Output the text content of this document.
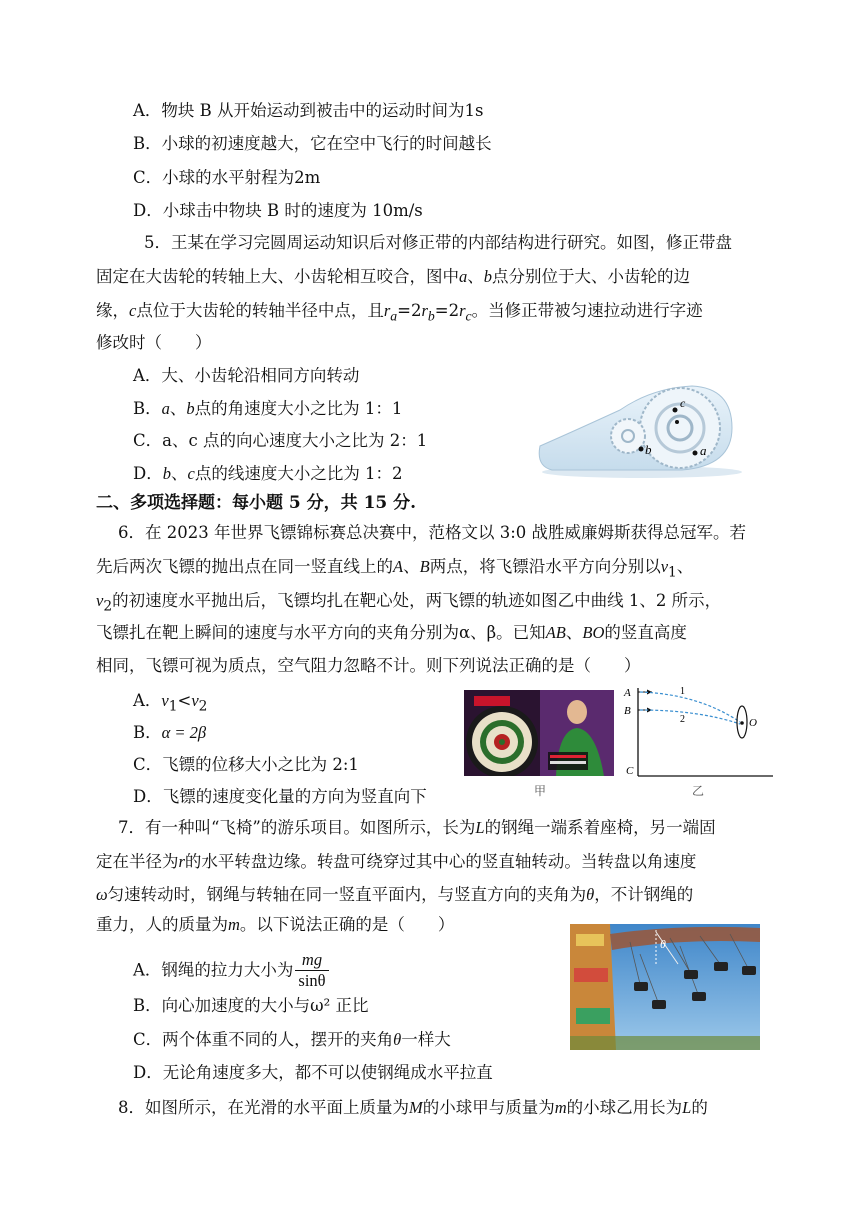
A．物块 B 从开始运动到被击中的运动时间为1s
B．小球的初速度越大，它在空中飞行的时间越长
C．小球的水平射程为2m
D．小球击中物块 B 时的速度为 10m/s
5．王某在学习完圆周运动知识后对修正带的内部结构进行研究。如图，修正带盘
固定在大齿轮的转轴上大、小齿轮相互咬合，图中a、b点分别位于大、小齿轮的边
缘，c点位于大齿轮的转轴半径中点，且$r_a=2r_b=2r_c$。当修正带被匀速拉动进行字迹
修改时（　　）
A．大、小齿轮沿相同方向转动
B．a、b点的角速度大小之比为 1：1
C．a、c 点的向心速度大小之比为 2：1
D．b、c点的线速度大小之比为 1：2
c
b	a
二、多项选择题：每小题 5 分，共 15 分.
6．在 2023 年世界飞镖锦标赛总决赛中，范格文以 3:0 战胜威廉姆斯获得总冠军。若
先后两次飞镖的抛出点在同一竖直线上的A、B两点，将飞镖沿水平方向分别以$v_1$、
$v_2$的初速度水平抛出后，飞镖均扎在靶心处，两飞镖的轨迹如图乙中曲线 1、2 所示，
飞镖扎在靶上瞬间的速度与水平方向的夹角分别为α、β。已知AB、BO的竖直高度
相同，飞镖可视为质点，空气阻力忽略不计。则下列说法正确的是（　　）
A．$v_1<v_2$
B．α = 2β
C．飞镖的位移大小之比为 2:1
D．飞镖的速度变化量的方向为竖直向下	甲
A
B
C
O
1
2
乙
7．有一种叫“飞椅”的游乐项目。如图所示，长为L的钢绳一端系着座椅，另一端固
定在半径为r的水平转盘边缘。转盘可绕穿过其中心的竖直轴转动。当转盘以角速度
ω匀速转动时，钢绳与转轴在同一竖直平面内，与竖直方向的夹角为θ，不计钢绳的
重力，人的质量为m。以下说法正确的是（　　）
A．钢绳的拉力大小为 $\frac{mg}{\sin\theta}$
B．向心加速度的大小与ω² 正比
C．两个体重不同的人，摆开的夹角θ一样大
D．无论角速度多大，都不可以使钢绳成水平拉直
θ
8．如图所示，在光滑的水平面上质量为M的小球甲与质量为m的小球乙用长为L的
